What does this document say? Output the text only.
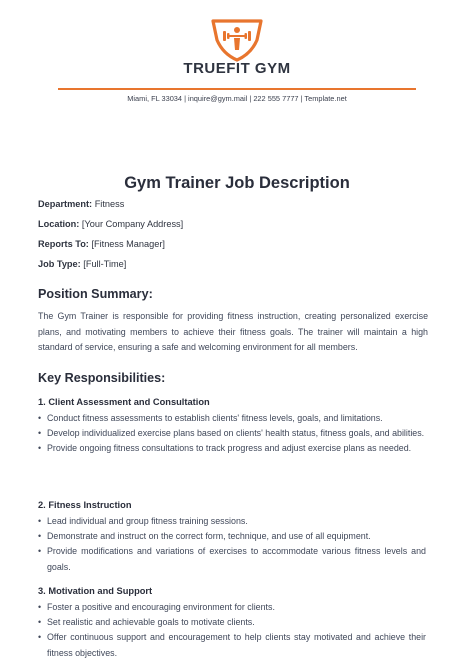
TRUEFIT GYM
Miami, FL 33034 | inquire@gym.mail | 222 555 7777 | Template.net
Gym Trainer Job Description
Department: Fitness
Location: [Your Company Address]
Reports To: [Fitness Manager]
Job Type: [Full-Time]
Position Summary:

The Gym Trainer is responsible for providing fitness instruction, creating personalized exercise plans, and motivating members to achieve their fitness goals. The trainer will maintain a high standard of service, ensuring a safe and welcoming environment for all members.

Key Responsibilities:
1. Client Assessment and Consultation
• Conduct fitness assessments to establish clients' fitness levels, goals, and limitations.
• Develop individualized exercise plans based on clients' health status, fitness goals, and abilities.
• Provide ongoing fitness consultations to track progress and adjust exercise plans as needed.
2. Fitness Instruction
• Lead individual and group fitness training sessions.
• Demonstrate and instruct on the correct form, technique, and use of all equipment.
• Provide modifications and variations of exercises to accommodate various fitness levels and goals.
3. Motivation and Support
• Foster a positive and encouraging environment for clients.
• Set realistic and achievable goals to motivate clients.
• Offer continuous support and encouragement to help clients stay motivated and achieve their fitness objectives.
